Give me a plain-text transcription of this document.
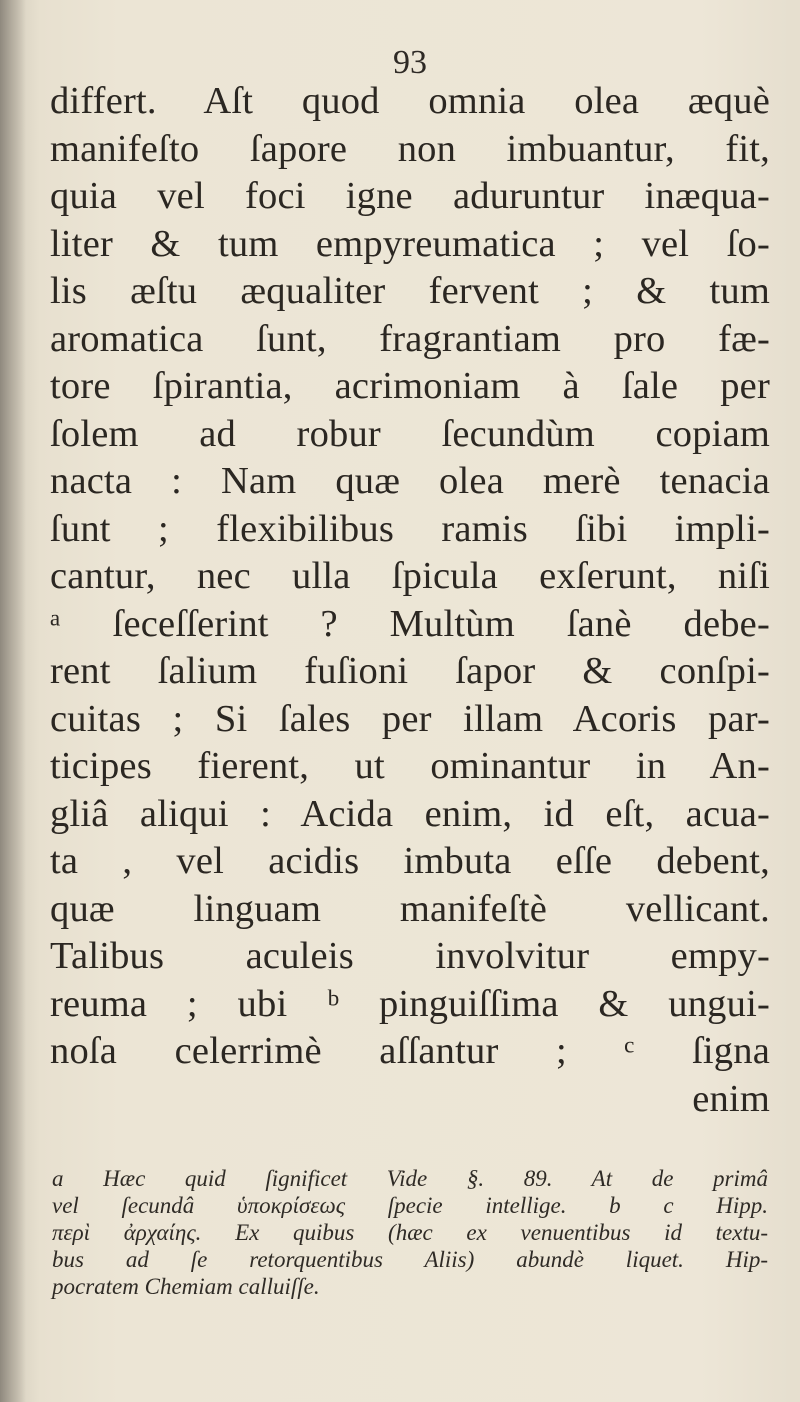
93
differt. Aſt quod omnia olea æquè
manifeſto ſapore non imbuantur, fit,
quia vel foci igne aduruntur inæqua-
liter & tum empyreumatica ; vel ſo-
lis æſtu æqualiter fervent ; & tum
aromatica ſunt, fragrantiam pro fæ-
tore ſpirantia, acrimoniam à ſale per
ſolem ad robur ſecundùm copiam
nacta : Nam quæ olea merè tenacia
ſunt ; flexibilibus ramis ſibi impli-
cantur, nec ulla ſpicula exſerunt, niſi
ᵃ ſeceſſerint ? Multùm ſanè debe-
rent ſalium fuſioni ſapor & conſpi-
cuitas ; Si ſales per illam Acoris par-
ticipes fierent, ut ominantur in An-
gliâ aliqui : Acida enim, id eſt, acua-
ta , vel acidis imbuta eſſe debent,
quæ linguam manifeſtè vellicant.
Talibus aculeis involvitur empy-
reuma ; ubi ᵇ pinguiſſima & ungui-
noſa celerrimè aſſantur ; ᶜ ſigna
enim
a Hæc quid ſignificet Vide §. 89. At de primâ
vel ſecundâ ὑποκρίσεως ſpecie intellige. b c Hipp.
περὶ ἀρχαίης. Ex quibus (hæc ex venuentibus id textu-
bus ad ſe retorquentibus Aliis) abundè liquet. Hip-
pocratem Chemiam calluiſſe.
